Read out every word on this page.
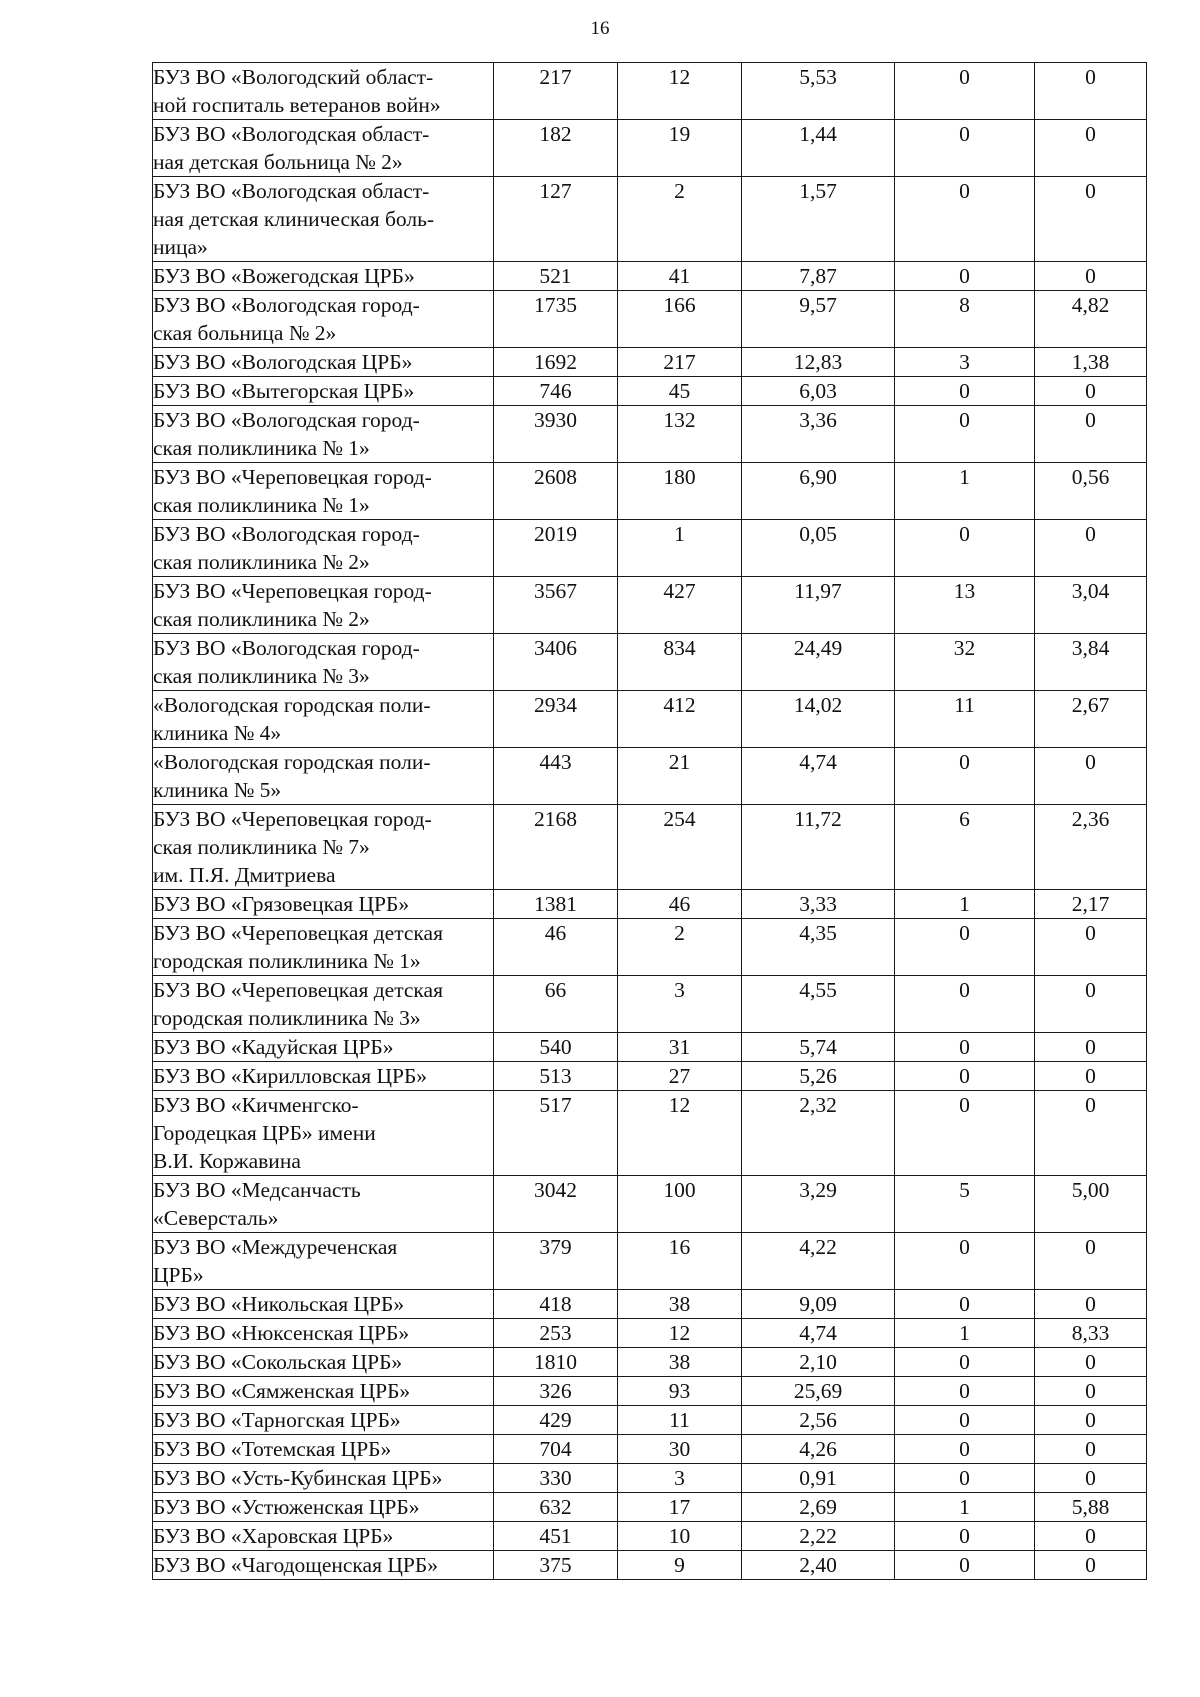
16
БУЗ ВО «Вологодский област-
ной госпиталь ветеранов войн»	217	12	5,53	0	0

БУЗ ВО «Вологодская област-
ная детская больница № 2»	182	19	1,44	0	0

БУЗ ВО «Вологодская област-
ная детская клиническая боль-
ница»	127	2	1,57	0	0

БУЗ ВО «Вожегодская ЦРБ»	521	41	7,87	0	0

БУЗ ВО «Вологодская город-
ская больница № 2»	1735	166	9,57	8	4,82

БУЗ ВО «Вологодская ЦРБ»	1692	217	12,83	3	1,38

БУЗ ВО «Вытегорская ЦРБ»	746	45	6,03	0	0

БУЗ ВО «Вологодская город-
ская поликлиника № 1»	3930	132	3,36	0	0

БУЗ ВО «Череповецкая город-
ская поликлиника № 1»	2608	180	6,90	1	0,56

БУЗ ВО «Вологодская город-
ская поликлиника № 2»	2019	1	0,05	0	0

БУЗ ВО «Череповецкая город-
ская поликлиника № 2»	3567	427	11,97	13	3,04

БУЗ ВО «Вологодская город-
ская поликлиника № 3»	3406	834	24,49	32	3,84

«Вологодская городская поли-
клиника № 4»	2934	412	14,02	11	2,67

«Вологодская городская поли-
клиника № 5»	443	21	4,74	0	0

БУЗ ВО «Череповецкая город-
ская поликлиника № 7»
им. П.Я. Дмитриева	2168	254	11,72	6	2,36

БУЗ ВО «Грязовецкая ЦРБ»	1381	46	3,33	1	2,17

БУЗ ВО «Череповецкая детская
городская поликлиника № 1»	46	2	4,35	0	0

БУЗ ВО «Череповецкая детская
городская поликлиника № 3»	66	3	4,55	0	0

БУЗ ВО «Кадуйская ЦРБ»	540	31	5,74	0	0

БУЗ ВО «Кирилловская ЦРБ»	513	27	5,26	0	0

БУЗ ВО «Кичменгско-
Городецкая ЦРБ» имени
В.И. Коржавина	517	12	2,32	0	0

БУЗ ВО «Медсанчасть
«Северсталь»	3042	100	3,29	5	5,00

БУЗ ВО «Междуреченская
ЦРБ»	379	16	4,22	0	0

БУЗ ВО «Никольская ЦРБ»	418	38	9,09	0	0

БУЗ ВО «Нюксенская ЦРБ»	253	12	4,74	1	8,33

БУЗ ВО «Сокольская ЦРБ»	1810	38	2,10	0	0

БУЗ ВО «Сямженская ЦРБ»	326	93	25,69	0	0

БУЗ ВО «Тарногская ЦРБ»	429	11	2,56	0	0

БУЗ ВО «Тотемская ЦРБ»	704	30	4,26	0	0

БУЗ ВО «Усть-Кубинская ЦРБ»	330	3	0,91	0	0

БУЗ ВО «Устюженская ЦРБ»	632	17	2,69	1	5,88

БУЗ ВО «Харовская ЦРБ»	451	10	2,22	0	0

БУЗ ВО «Чагодощенская ЦРБ»	375	9	2,40	0	0
